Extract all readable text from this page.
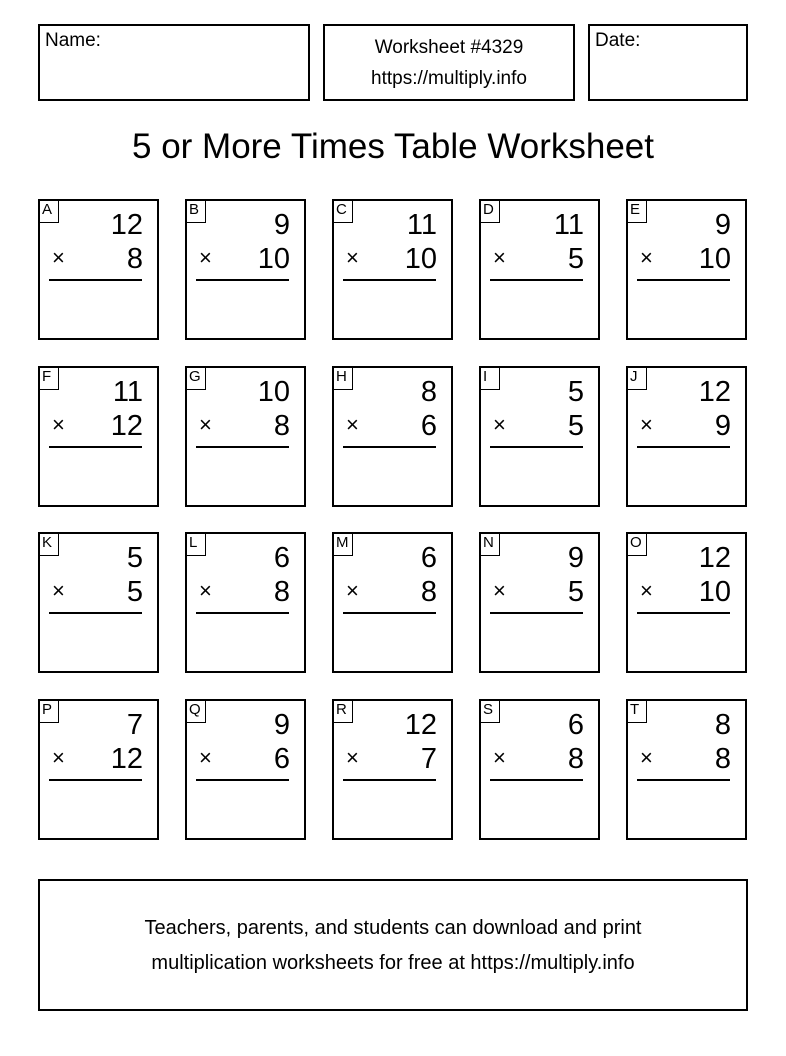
Name:	Worksheet #4329
https://multiply.info
Date:
5 or More Times Table Worksheet
A 12
× 8
B	9
× 10
C 11
× 10
D 11
× 5
E	9
× 10
F 11
× 12
G 10
× 8
H	8
× 6
I	5
× 5
J	12
× 9
K	5
× 5
L	6
× 8
M 6
× 8
N	9
× 5
O 12
× 10
P	7
× 12
Q	9
× 6
R 12
× 7
S	6
× 8
T	8
× 8
Teachers, parents, and students can download and print
multiplication worksheets for free at https://multiply.info
